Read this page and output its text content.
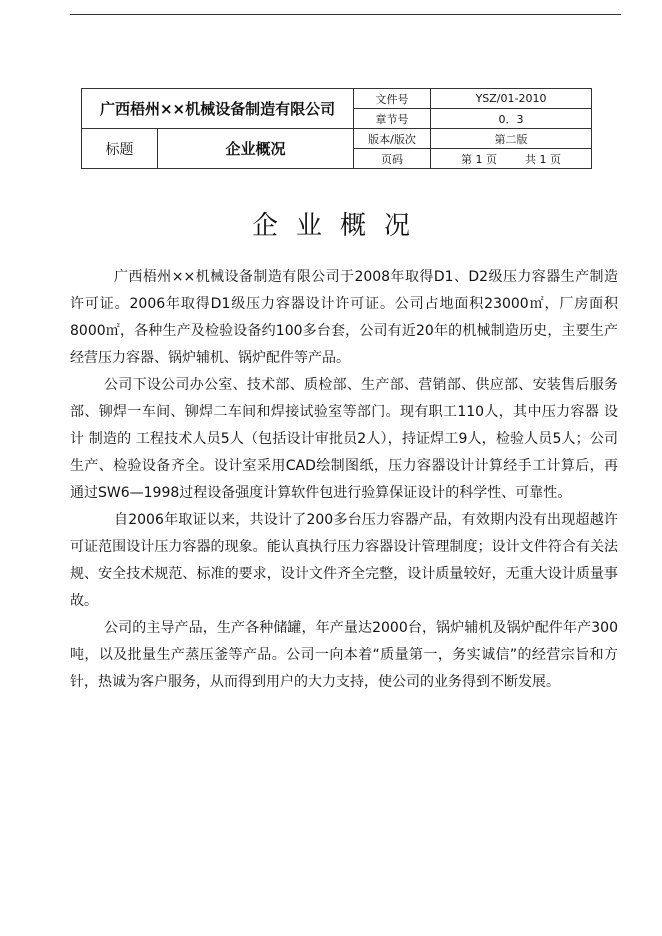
广西梧州××机械设备制造有限公司		文件号	YSZ/01-2010
		章节号	0．3
标题	企业概况	版本/版次	第二版
		页码	第 1 页 共 1 页
企业概况

广西梧州××机械设备制造有限公司于2008年取得D1、D2级压力容器生产制造许可证。2006年取得D1级压力容器设计许可证。公司占地面积23000㎡，厂房面积8000㎡，各种生产及检验设备约100多台套，公司有近20年的机械制造历史，主要生产经营压力容器、锅炉辅机、锅炉配件等产品。

公司下设公司办公室、技术部、质检部、生产部、营销部、供应部、安装售后服务部、铆焊一车间、铆焊二车间和焊接试验室等部门。现有职工110人，其中压力容器 设计 制造的 工程技术人员5人（包括设计审批员2人），持证焊工9人，检验人员5人；公司生产、检验设备齐全。设计室采用CAD绘制图纸，压力容器设计计算经手工计算后，再通过SW6—1998过程设备强度计算软件包进行验算保证设计的科学性、可靠性。

自2006年取证以来，共设计了200多台压力容器产品，有效期内没有出现超越许可证范围设计压力容器的现象。能认真执行压力容器设计管理制度；设计文件符合有关法规、安全技术规范、标准的要求，设计文件齐全完整，设计质量较好，无重大设计质量事故。

公司的主导产品，生产各种储罐，年产量达2000台，锅炉辅机及锅炉配件年产300吨，以及批量生产蒸压釜等产品。公司一向本着“质量第一，务实诚信”的经营宗旨和方针，热诚为客户服务，从而得到用户的大力支持，使公司的业务得到不断发展。
